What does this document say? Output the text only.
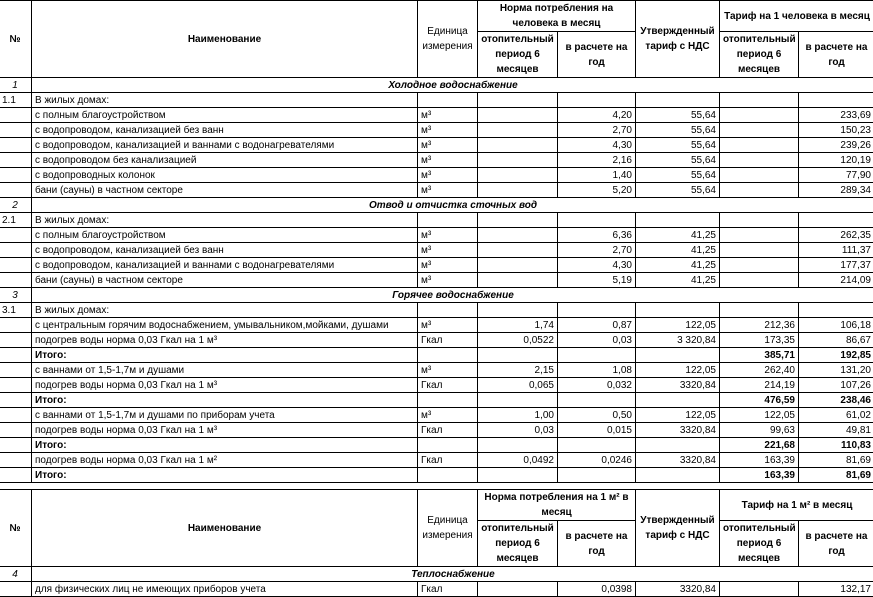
№	Наименование	Единица измерения	Норма потребления на человека в месяц		Утвержденный тариф с НДС	Тариф на 1 человека в месяц	
			отопительный период 6 месяцев	в расчете на год		отопительный период 6 месяцев	в расчете на год
1	Холодное водоснабжение						
1.1	В жилых домах:						
	с полным благоустройством	м³		4,20	55,64		233,69
	с водопроводом, канализацией без ванн	м³		2,70	55,64		150,23
	с водопроводом, канализацией и ваннами с водонагревателями	м³		4,30	55,64		239,26
	с водопроводом без канализацией	м³		2,16	55,64		120,19
	с водопроводных колонок	м³		1,40	55,64		77,90
	бани (сауны) в частном секторе	м³		5,20	55,64		289,34
2	Отвод и отчистка сточных вод						
2.1	В жилых домах:						
	с полным благоустройством	м³		6,36	41,25		262,35
	с водопроводом, канализацией без ванн	м³		2,70	41,25		111,37
	с водопроводом, канализацией и ваннами с водонагревателями	м³		4,30	41,25		177,37
	бани (сауны) в частном секторе	м³		5,19	41,25		214,09
3	Горячее водоснабжение						
3.1	В жилых домах:						
	с центральным горячим водоснабжением, умывальником,мойками, душами	м³	1,74	0,87	122,05	212,36	106,18
	подогрев воды норма 0,03 Гкал на 1 м³	Гкал	0,0522	0,03	3 320,84	173,35	86,67
	Итого:					385,71	192,85
	с ваннами от 1,5-1,7м и душами	м³	2,15	1,08	122,05	262,40	131,20
	подогрев воды норма 0,03 Гкал на 1 м³	Гкал	0,065	0,032	3320,84	214,19	107,26
	Итого:					476,59	238,46
	с ваннами от 1,5-1,7м и душами по приборам учета	м³	1,00	0,50	122,05	122,05	61,02
	подогрев воды норма 0,03 Гкал на 1 м³	Гкал	0,03	0,015	3320,84	99,63	49,81
	Итого:					221,68	110,83
	подогрев воды норма 0,03 Гкал на 1 м²	Гкал	0,0492	0,0246	3320,84	163,39	81,69
	Итого:					163,39	81,69

№	Наименование	Единица измерения	Норма потребления на 1 м² в месяц		Утвержденный тариф с НДС	Тариф на 1 м² в месяц	
			отопительный период 6 месяцев	в расчете на год		отопительный период 6 месяцев	в расчете на год
4	Теплоснабжение						
	для физических лиц не имеющих приборов учета	Гкал		0,0398	3320,84		132,17
